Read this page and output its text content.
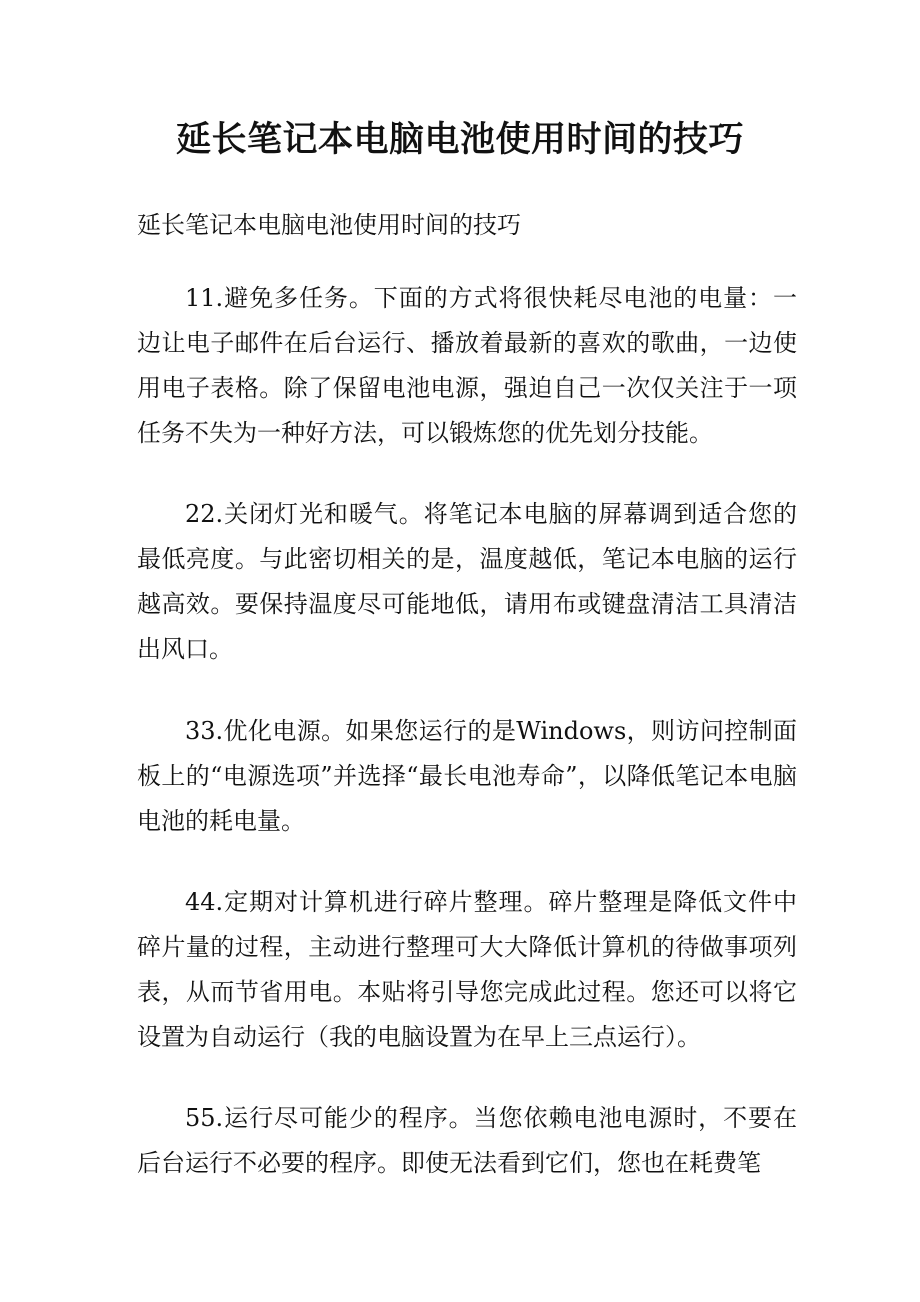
延长笔记本电脑电池使用时间的技巧

延长笔记本电脑电池使用时间的技巧

11.避免多任务。下面的方式将很快耗尽电池的电量：一边让电子邮件在后台运行、播放着最新的喜欢的歌曲，一边使用电子表格。除了保留电池电源，强迫自己一次仅关注于一项任务不失为一种好方法，可以锻炼您的优先划分技能。

22.关闭灯光和暖气。将笔记本电脑的屏幕调到适合您的最低亮度。与此密切相关的是，温度越低，笔记本电脑的运行越高效。要保持温度尽可能地低，请用布或键盘清洁工具清洁出风口。

33.优化电源。如果您运行的是Windows，则访问控制面板上的“电源选项”并选择“最长电池寿命”，以降低笔记本电脑电池的耗电量。

44.定期对计算机进行碎片整理。碎片整理是降低文件中碎片量的过程，主动进行整理可大大降低计算机的待做事项列表，从而节省用电。本贴将引导您完成此过程。您还可以将它设置为自动运行（我的电脑设置为在早上三点运行）。

55.运行尽可能少的程序。当您依赖电池电源时，不要在后台运行不必要的程序。即使无法看到它们，您也在耗费笔
